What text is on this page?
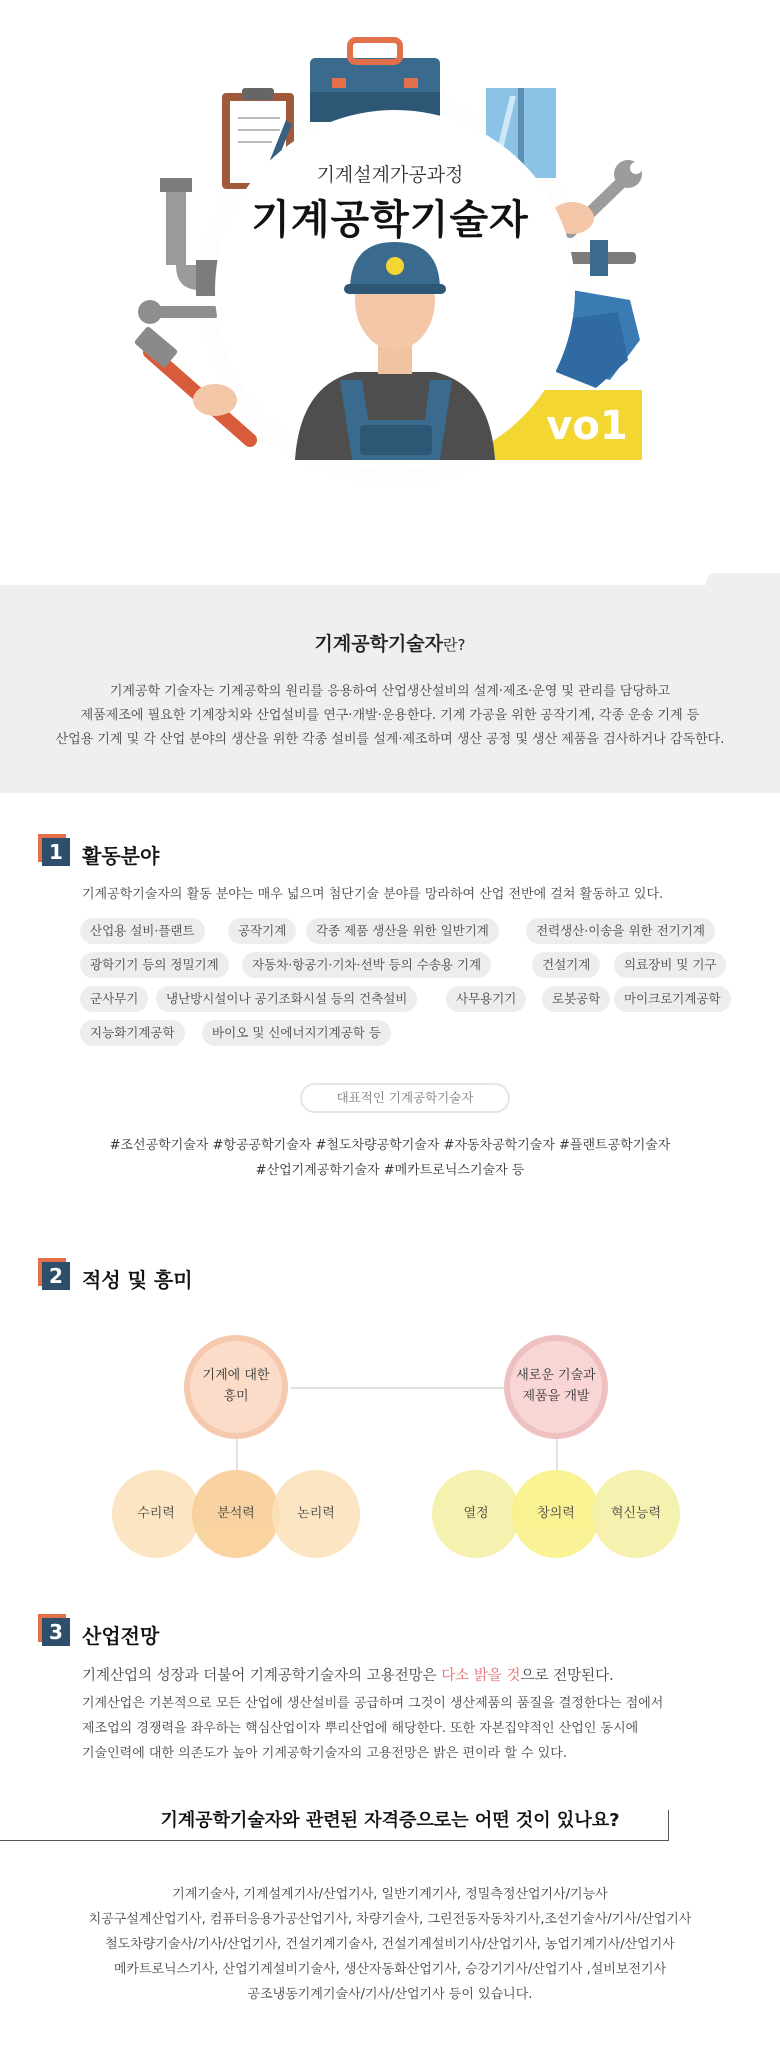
기계설계가공과정
기계공학기술자
vo1
기계공학기술자란?
기계공학 기술자는 기계공학의 원리를 응용하여 산업생산설비의 설계·제조·운영 및 관리를 담당하고
제품제조에 필요한 기계장치와 산업설비를 연구·개발·운용한다. 기계 가공을 위한 공작기계, 각종 운송 기계 등
산업용 기계 및 각 산업 분야의 생산을 위한 각종 설비를 설계·제조하며 생산 공정 및 생산 제품을 검사하거나 감독한다.
1 활동분야
기계공학기술자의 활동 분야는 매우 넓으며 첨단기술 분야를 망라하여 산업 전반에 걸쳐 활동하고 있다.
산업용 설비·플랜트	공작기계	각종 제품 생산을 위한 일반기계	전력생산·이송을 위한 전기기계
광학기기 등의 정밀기계	자동차·항공기·기차·선박 등의 수송용 기계	건설기계	의료장비 및 기구
군사무기	냉난방시설이나 공기조화시설 등의 건축설비	사무용기기	로봇공학	마이크로기계공학
지능화기계공학	바이오 및 신에너지기계공학 등
대표적인 기계공학기술자
#조선공학기술자 #항공공학기술자 #철도차량공학기술자 #자동차공학기술자 #플랜트공학기술자
#산업기계공학기술자 #메카트로닉스기술자 등
2 적성 및 흥미
기계에 대한
흥미
새로운 기술과
제품을 개발
수리력	분석력	논리력	열정	창의력	혁신능력
3 산업전망
기계산업의 성장과 더불어 기계공학기술자의 고용전망은 다소 밝을 것으로 전망된다.
기계산업은 기본적으로 모든 산업에 생산설비를 공급하며 그것이 생산제품의 품질을 결정한다는 점에서
제조업의 경쟁력을 좌우하는 핵심산업이자 뿌리산업에 해당한다. 또한 자본집약적인 산업인 동시에
기술인력에 대한 의존도가 높아 기계공학기술자의 고용전망은 밝은 편이라 할 수 있다.
기계공학기술자와 관련된 자격증으로는 어떤 것이 있나요?
기계기술사, 기계설계기사/산업기사, 일반기계기사, 정밀측정산업기사/기능사
치공구설계산업기사, 컴퓨터응용가공산업기사, 차량기술사, 그린전동자동차기사,조선기술사/기사/산업기사
철도차량기술사/기사/산업기사, 건설기계기술사, 건설기계설비기사/산업기사, 농업기계기사/산업기사
메카트로닉스기사, 산업기계설비기술사, 생산자동화산업기사, 승강기기사/산업기사 ,설비보전기사
공조냉동기계기술사/기사/산업기사 등이 있습니다.
